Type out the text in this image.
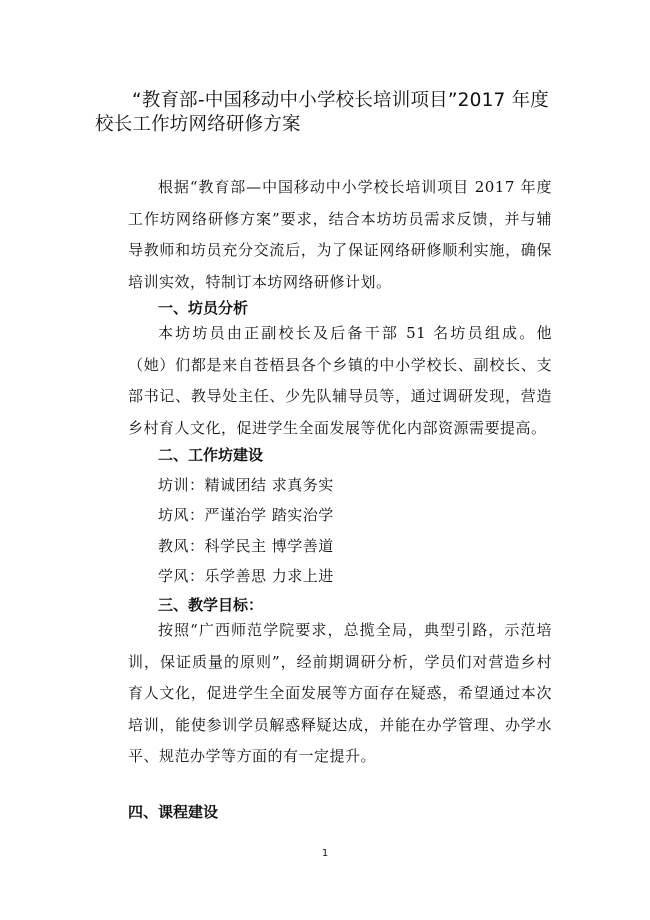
“教育部-中国移动中小学校长培训项目”2017 年度
校长工作坊网络研修方案

根据“教育部—中国移动中小学校长培训项目 2017 年度工作坊网络研修方案”要求，结合本坊坊员需求反馈，并与辅导教师和坊员充分交流后，为了保证网络研修顺利实施，确保培训实效，特制订本坊网络研修计划。

一、坊员分析

本坊坊员由正副校长及后备干部 51 名坊员组成。他（她）们都是来自苍梧县各个乡镇的中小学校长、副校长、支部书记、教导处主任、少先队辅导员等，通过调研发现，营造乡村育人文化，促进学生全面发展等优化内部资源需要提高。

二、工作坊建设

坊训：精诚团结 求真务实

坊风：严谨治学 踏实治学

教风：科学民主 博学善道

学风：乐学善思 力求上进

三、教学目标：

按照“广西师范学院要求，总揽全局，典型引路，示范培训，保证质量的原则”，经前期调研分析，学员们对营造乡村育人文化，促进学生全面发展等方面存在疑惑，希望通过本次培训，能使参训学员解惑释疑达成，并能在办学管理、办学水平、规范办学等方面的有一定提升。

四、课程建设

1
